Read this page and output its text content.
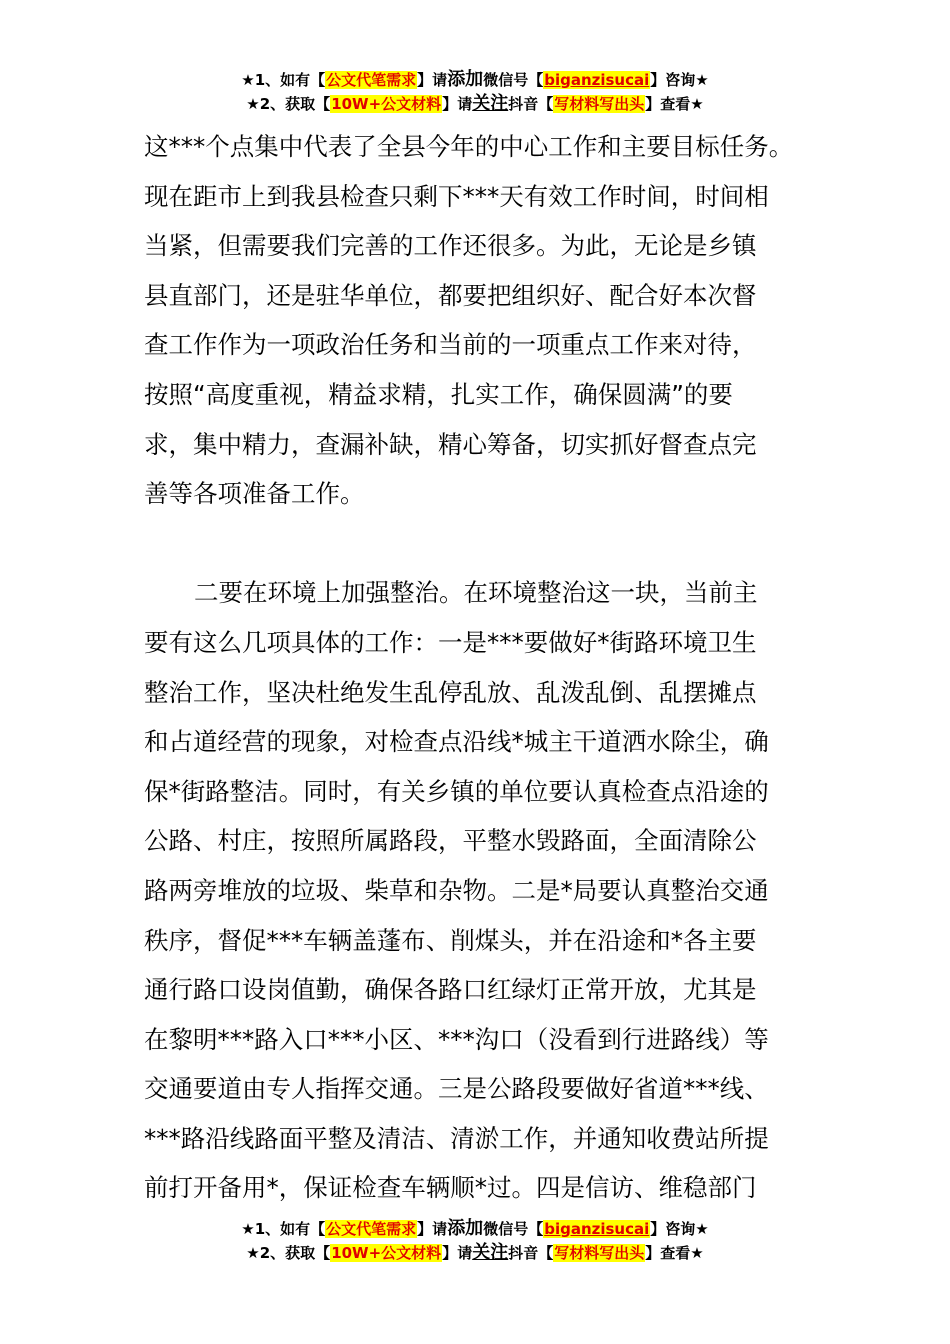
★1、如有【公文代笔需求】请添加微信号【biganzisucai】咨询★
★2、获取【10W+公文材料】请关注抖音【写材料写出头】查看★
这***个点集中代表了全县今年的中心工作和主要目标任务。
现在距市上到我县检查只剩下***天有效工作时间，时间相
当紧，但需要我们完善的工作还很多。为此，无论是乡镇
县直部门，还是驻华单位，都要把组织好、配合好本次督
查工作作为一项政治任务和当前的一项重点工作来对待，
按照“高度重视，精益求精，扎实工作，确保圆满”的要
求，集中精力，查漏补缺，精心筹备，切实抓好督查点完
善等各项准备工作。
二要在环境上加强整治。在环境整治这一块，当前主
要有这么几项具体的工作：一是***要做好*街路环境卫生
整治工作，坚决杜绝发生乱停乱放、乱泼乱倒、乱摆摊点
和占道经营的现象，对检查点沿线*城主干道洒水除尘，确
保*街路整洁。同时，有关乡镇的单位要认真检查点沿途的
公路、村庄，按照所属路段，平整水毁路面，全面清除公
路两旁堆放的垃圾、柴草和杂物。二是*局要认真整治交通
秩序，督促***车辆盖蓬布、削煤头，并在沿途和*各主要
通行路口设岗值勤，确保各路口红绿灯正常开放，尤其是
在黎明***路入口***小区、***沟口（没看到行进路线）等
交通要道由专人指挥交通。三是公路段要做好省道***线、
***路沿线路面平整及清洁、清淤工作，并通知收费站所提
前打开备用*，保证检查车辆顺*过。四是信访、维稳部门
★1、如有【公文代笔需求】请添加微信号【biganzisucai】咨询★
★2、获取【10W+公文材料】请关注抖音【写材料写出头】查看★
